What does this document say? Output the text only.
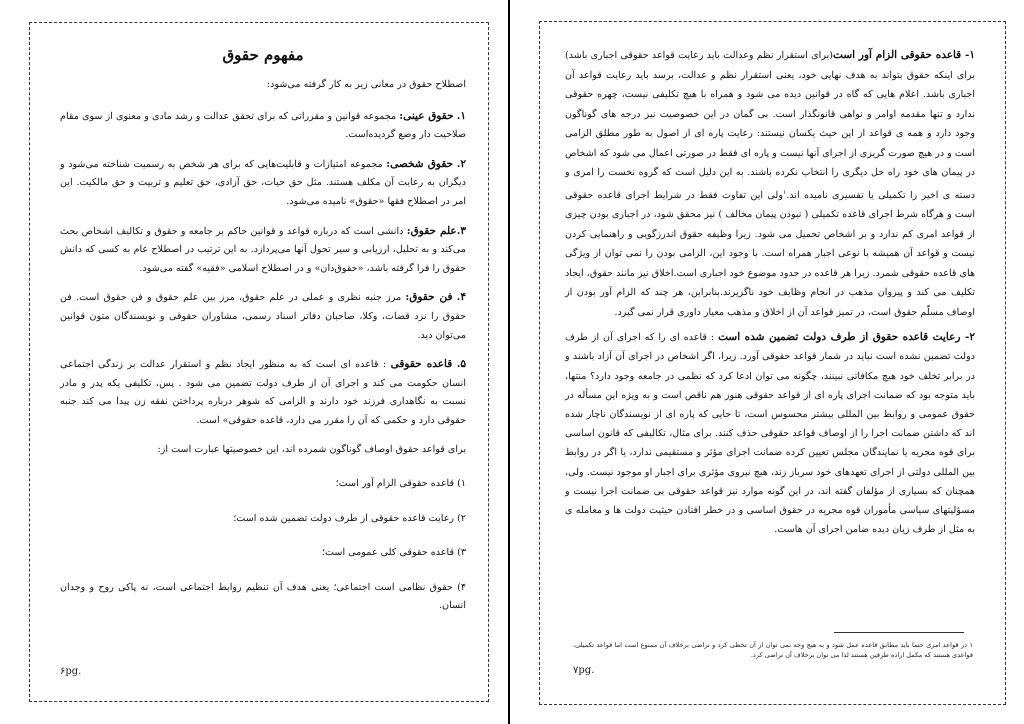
مفهوم حقوق

اصطلاح حقوق در معانی زیر به کار گرفته می‌شود:

۱. حقوق عینی: مجموعه قوانین و مقرراتی که برای تحقق عدالت و رشد مادی و معنوی از سوی مقام صلاحیت دار وضع گردیده‌است.

۲. حقوق شخصی: مجموعه امتیازات و قابلیت‌هایی که برای هر شخص به رسمیت شناخته می‌شود و دیگران به رعایت آن مکلف هستند. مثل حق حیات، حق آزادی، حق تعلیم و تربیت و حق مالکیت. این امر در اصطلاح فقها «حقوق» نامیده می‌شود.

۳.علم حقوق: دانشی است که درباره قواعد و قوانین حاکم بر جامعه و حقوق و تکالیف اشخاص بحث می‌کند و به تحلیل، ارزیابی و سیر تحول آنها می‌پردازد. به این ترتیب در اصطلاح عام به کسی که دانش حقوق را فرا گرفته باشد، «حقوق‌دان» و در اصطلاح اسلامی «فقیه» گفته می‌شود.

۴. فن حقوق: مرز جنبه نظری و عملی در علم حقوق، مرز بین علم حقوق و فن حقوق است. فن حقوق را نزد قضات، وکلا، صاحبان دفاتر اسناد رسمی، مشاوران حقوقی و نویسندگان متون قوانین می‌توان دید.

۵. قاعده حقوقی : قاعده ای است که به منظور ایجاد نظم و استقرار عدالت بر زندگی اجتماعی انسان حکومت می کند و اجرای آن از طرف دولت تضمین می شود . پس، تکلیفی یکه پدر و مادر نسبت به نگاهداری فرزند خود دارند و الزامی که شوهر درباره پرداختن نفقه زن پیدا می کند جنبه حقوقی دارد و حکمی که آن را مقرر می دارد، قاعده حقوقی» است.

برای قواعد حقوق اوصاف گوناگون شمرده اند، این خصوصیتها عبارت است از:

۱) قاعده حقوقی الزام آور است؛

۲) رعایت قاعده حقوقی از طرف دولت تضمین شده است؛

۳) قاعده حقوقی کلی عمومی است؛

۴) حقوق نظامی است اجتماعی؛ یعنی هدف آن تنظیم روابط اجتماعی است، نه پاکی روح و وجدان انسان.

۶pg.

۱- قاعده حقوقی الزام آور است(برای استقرار نظم وعدالت باید رعایت قواعد حقوقی اجباری باشد) برای اینکه حقوق بتواند به هدف نهایی خود، یعنی استقرار نظم و عدالت، برسد باید رعایت قواعد آن اجباری باشد. اعلام هایی که گاه در قوانین دیده می شود و همراه با هیچ تکلیفی نیست، چهره حقوقی ندارد و تنها مقدمه اوامر و نواهی قانونگذار است. بی گمان در این خصوصیت نیز درجه های گوناگون وجود دارد و همه ی قواعد از این حیث یکسان نیستند: رعایت پاره ای از اصول به طور مطلق الزامی است و در هیچ صورت گریزی از اجرای آنها نیست و پاره ای فقط در صورتی اعمال می شود که اشخاص در پیمان های خود راه حل دیگری را انتخاب نکرده باشند. به این دلیل است که گروه نخست را امری و دسته ی اخیر را تکمیلی یا تفسیری نامیده اند.$^۱$ولی این تفاوت فقط در شرایط اجرای قاعده حقوقی است و هرگاه شرط اجرای قاعده تکمیلی ( نبودن پیمان مخالف ) نیز محقق شود، در اجباری بودن چیزی از قواعد امری کم ندارد و بر اشخاص تحمیل می شود. زیرا وظیفه حقوق اندرزگویی و راهنمایی کردن نیست و قواعد آن همیشه با نوعی اجبار همراه است. با وجود این، الزامی بودن را نمی توان از ویژگی های قاعده حقوقی شمرد. زیرا هر قاعده در حدود موضوع خود اجباری است.اخلاق نیز مانند حقوق، ایجاد تکلیف می کند و پیروان مذهب در انجام وظایف خود ناگزیرند.بنابراین، هر چند که الزام آور بودن از اوصاف مسلّم حقوق است، در تمیز قواعد آن از اخلاق و مذهب معیار داوری قرار نمی گیرد.

۲- رعایت قاعده حقوق از طرف دولت تضمین شده است : قاعده ای را که اجرای آن از طرف دولت تضمین نشده است نباید در شمار قواعد حقوقی آورد. زیرا، اگر اشخاص در اجرای آن آزاد باشند و در برابر تخلف خود هیچ مکافاتی نبینند، چگونه می توان ادعا کرد که نظمی در جامعه وجود دارد؟ منتها، باید متوجه بود که ضمانت اجرای پاره ای از قواعد حقوقی هنوز هم ناقص است و به ویژه این مسأله در حقوق عمومی و روابط بین المللی بیشتر محسوس است، تا جایی که پاره ای از نویسندگان ناچار شده اند که داشتن ضمانت اجرا را از اوصاف قواعد حقوقی حذف کنند. برای مثال، تکالیفی که قانون اساسی برای قوه مجریه یا نمایندگان مجلس تعیین کرده ضمانت اجرای مؤثر و مستقیمی ندارد، یا اگر در روابط بین المللی دولتی از اجرای تعهدهای خود سرباز زند، هیچ نیروی مؤثری برای اجبار او موجود نیست. ولی، همچنان که بسیاری از مؤلفان گفته اند، در این گونه موارد نیز قواعد حقوقی بی ضمانت اجرا نیست و مسؤلیتهای سیاسی مأموران قوه مجریه در حقوق اساسی و در خطر افتادن حیثیت دولت ها و معامله ی به مثل از طرف زیان دیده ضامن اجرای آن هاست.

۱ در قواعد امری حتما باید مطابق قاعده عمل شود و به هیچ وجه نمی توان از آن تخطی کرد و تراضی برخلاف آن ممنوع است اما قواعد تکمیلی، قواعدی هستند که مکمل اراده طرفین هستند لذا می توان برخلاف آن تراضی کرد.
۷pg.
